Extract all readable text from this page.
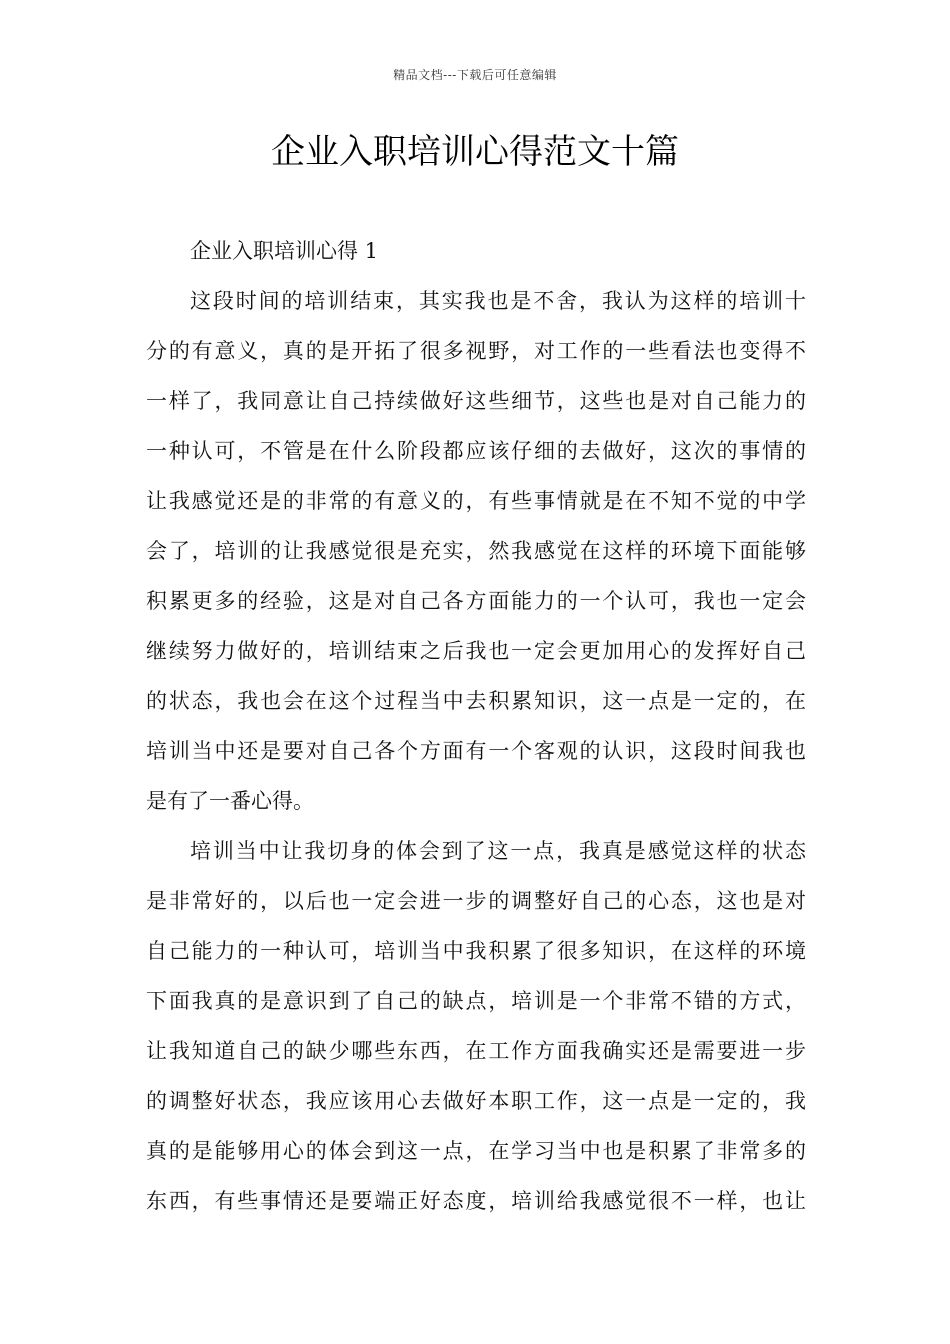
精品文档---下载后可任意编辑
企业入职培训心得范文十篇

企业入职培训心得 1

这段时间的培训结束，其实我也是不舍，我认为这样的培训十

分的有意义，真的是开拓了很多视野，对工作的一些看法也变得不

一样了，我同意让自己持续做好这些细节，这些也是对自己能力的

一种认可，不管是在什么阶段都应该仔细的去做好，这次的事情的

让我感觉还是的非常的有意义的，有些事情就是在不知不觉的中学

会了，培训的让我感觉很是充实，然我感觉在这样的环境下面能够

积累更多的经验，这是对自己各方面能力的一个认可，我也一定会

继续努力做好的，培训结束之后我也一定会更加用心的发挥好自己

的状态，我也会在这个过程当中去积累知识，这一点是一定的，在

培训当中还是要对自己各个方面有一个客观的认识，这段时间我也

是有了一番心得。

培训当中让我切身的体会到了这一点，我真是感觉这样的状态

是非常好的，以后也一定会进一步的调整好自己的心态，这也是对

自己能力的一种认可，培训当中我积累了很多知识，在这样的环境

下面我真的是意识到了自己的缺点，培训是一个非常不错的方式，

让我知道自己的缺少哪些东西，在工作方面我确实还是需要进一步

的调整好状态，我应该用心去做好本职工作，这一点是一定的，我

真的是能够用心的体会到这一点，在学习当中也是积累了非常多的

东西，有些事情还是要端正好态度，培训给我感觉很不一样，也让
